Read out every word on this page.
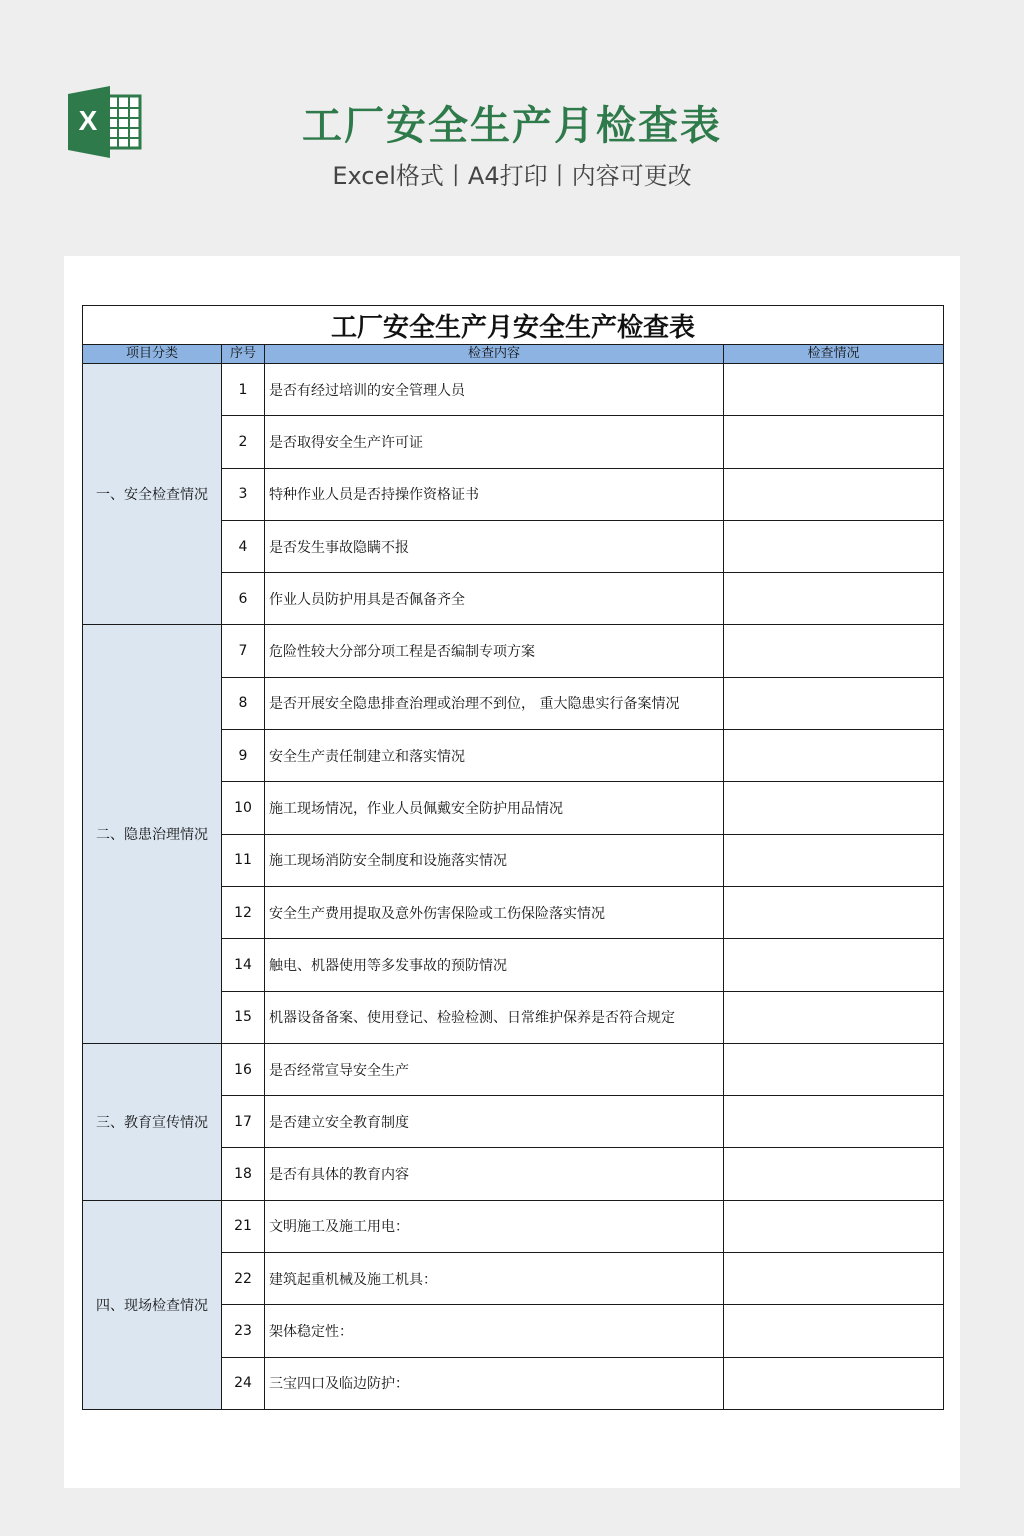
X	工厂安全生产月检查表
Excel格式丨A4打印丨内容可更改
工厂安全生产月安全生产检查表			
项目分类	序号	检查内容	检查情况
一、安全检查情况	1	是否有经过培训的安全管理人员	
	2	是否取得安全生产许可证	
	3	特种作业人员是否持操作资格证书	
	4	是否发生事故隐瞒不报	
	6	作业人员防护用具是否佩备齐全	
二、隐患治理情况	7	危险性较大分部分项工程是否编制专项方案	
	8	是否开展安全隐患排查治理或治理不到位， 重大隐患实行备案情况	
	9	安全生产责任制建立和落实情况	
	10	施工现场情况，作业人员佩戴安全防护用品情况	
	11	施工现场消防安全制度和设施落实情况	
	12	安全生产费用提取及意外伤害保险或工伤保险落实情况	
	14	触电、机器使用等多发事故的预防情况	
	15	机器设备备案、使用登记、检验检测、日常维护保养是否符合规定	
三、教育宣传情况	16	是否经常宣导安全生产	
	17	是否建立安全教育制度	
	18	是否有具体的教育内容	
四、现场检查情况	21	文明施工及施工用电：	
	22	建筑起重机械及施工机具：	
	23	架体稳定性：	
	24	三宝四口及临边防护：	
